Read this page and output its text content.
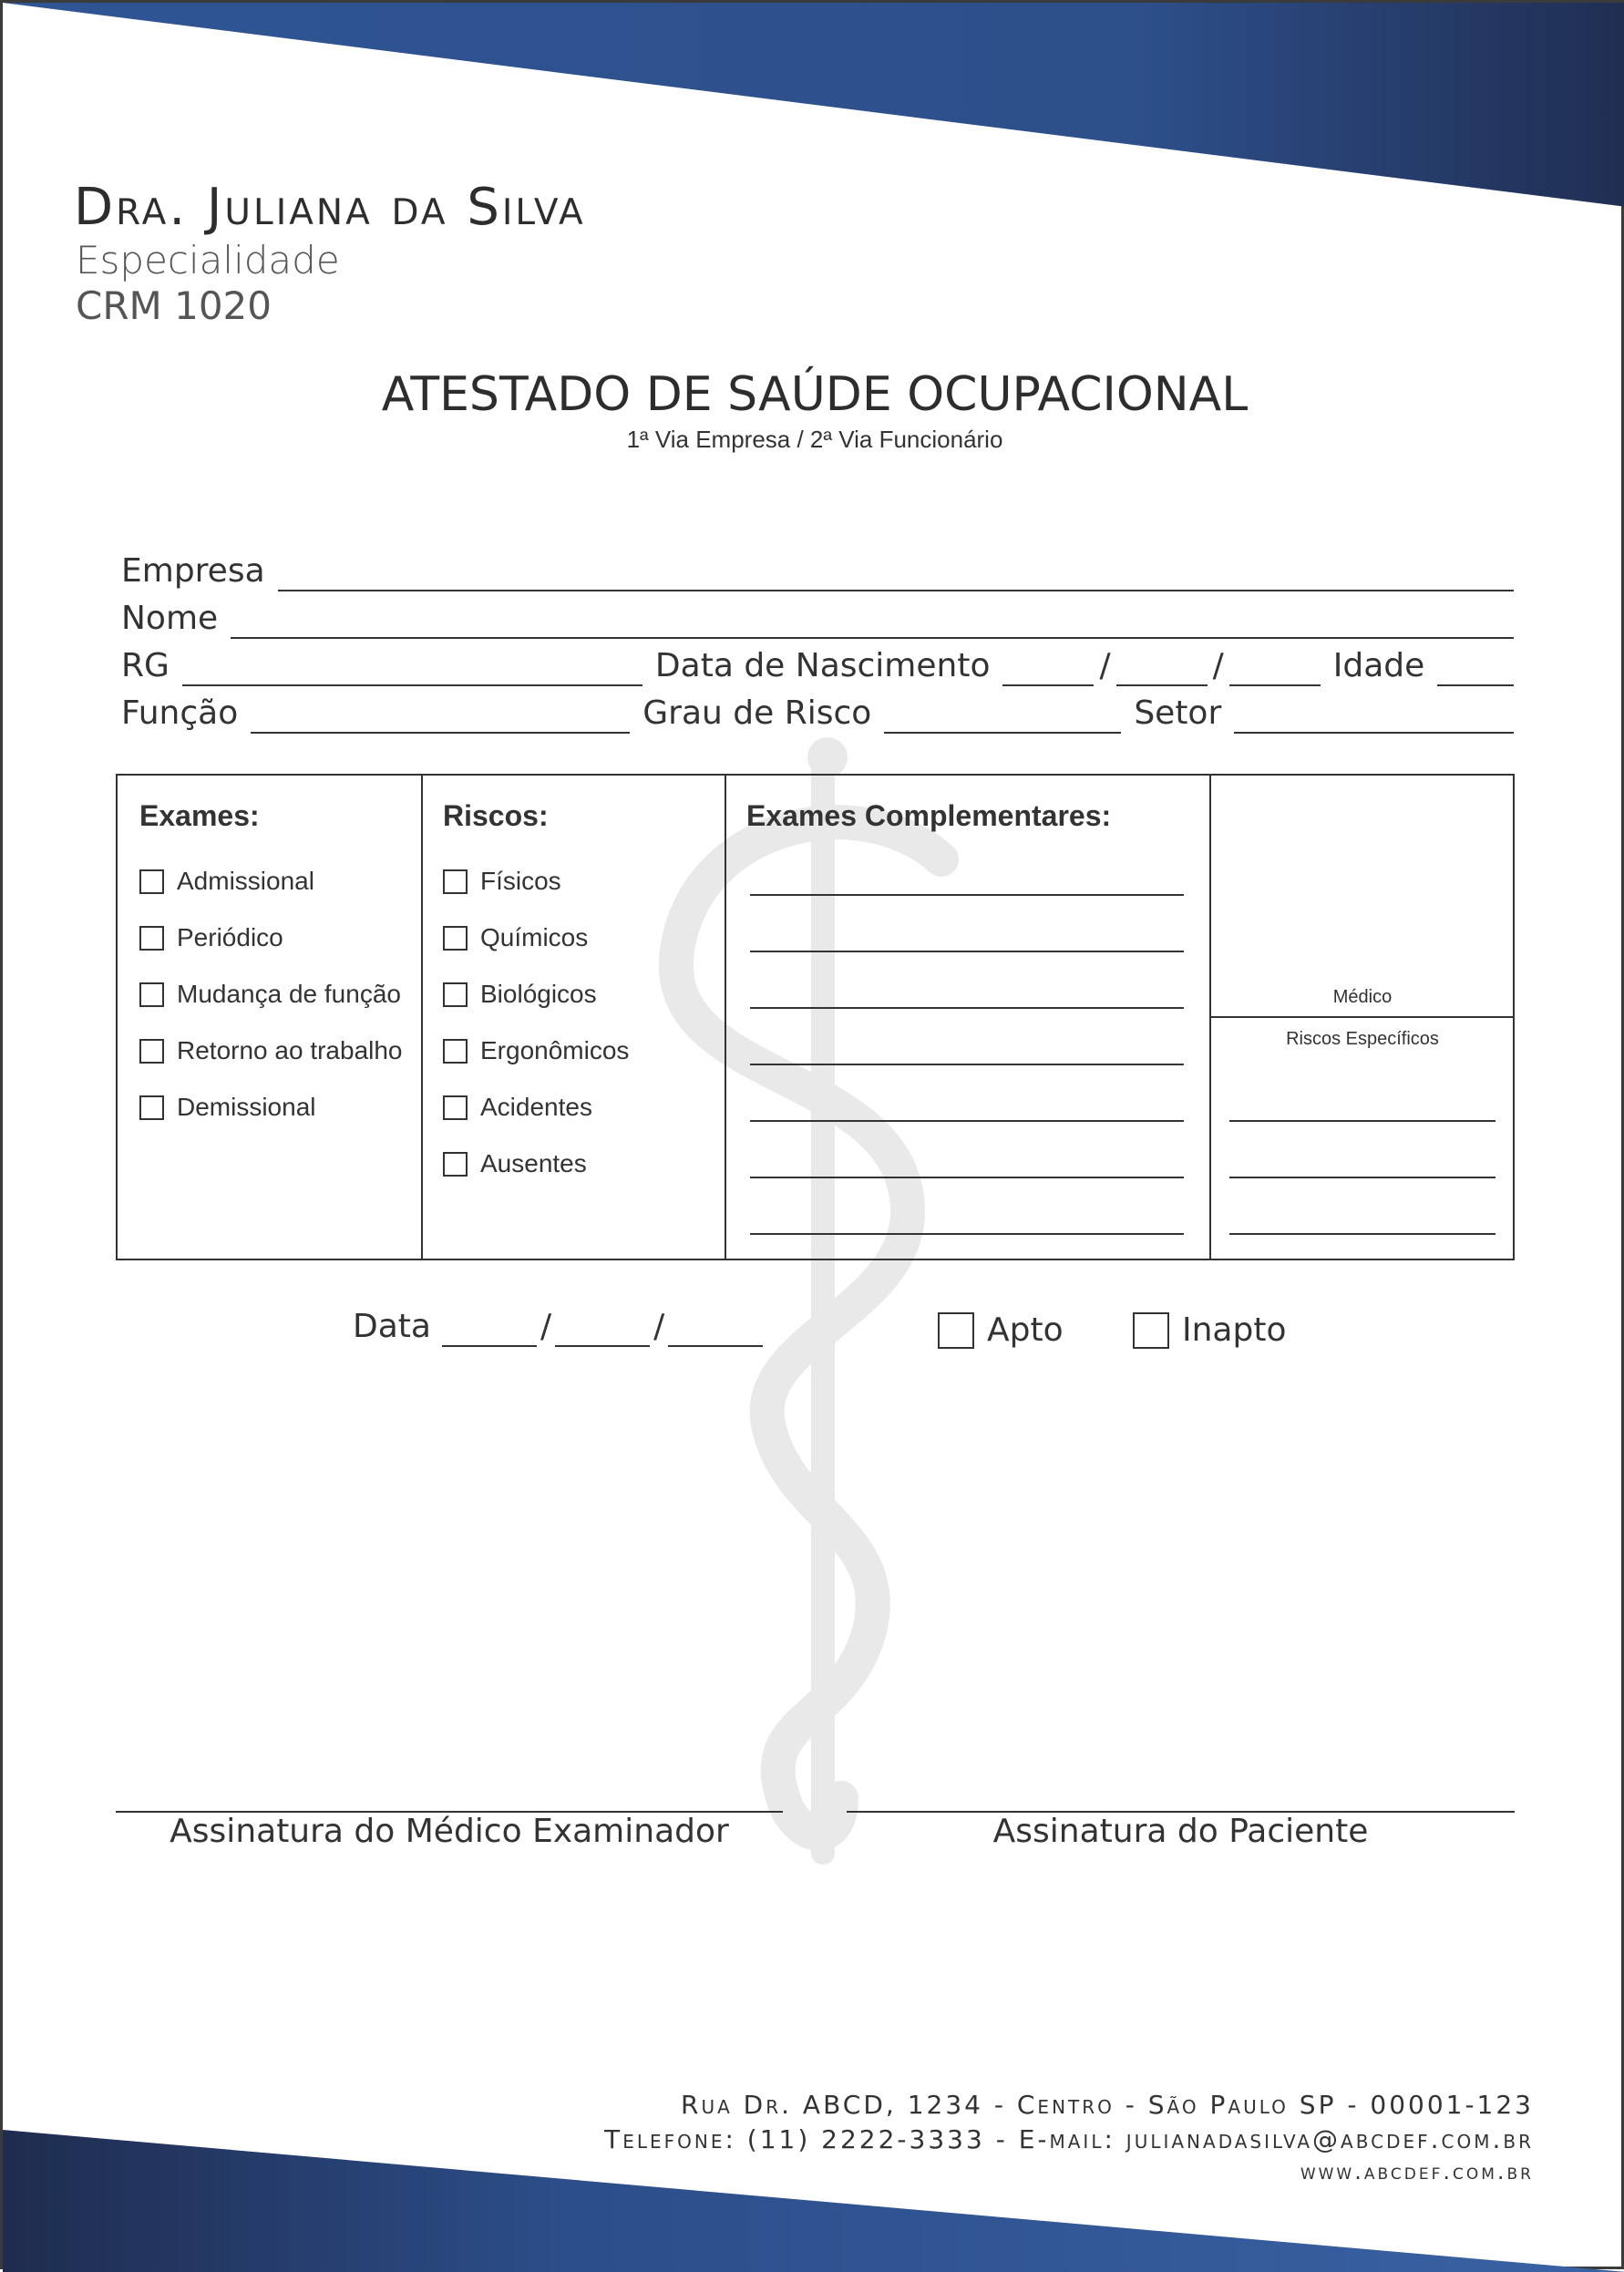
Dra. Juliana da Silva
Especialidade
CRM 1020
ATESTADO DE SAÚDE OCUPACIONAL
1ª Via Empresa / 2ª Via Funcionário
Empresa
Nome
RG	Data de Nascimento	/	/	Idade
Função	Grau de Risco	Setor
Exames:
Admissional
Periódico
Mudança de função
Retorno ao trabalho
Demissional
Riscos:
Físicos
Químicos
Biológicos
Ergonômicos
Acidentes
Ausentes
Exames Complementares:
Médico
Riscos Específicos
Data	/	/	Apto	Inapto
Assinatura do Médico Examinador	Assinatura do Paciente
Rua Dr. ABCD, 1234 - Centro - São Paulo SP - 00001-123
Telefone: (11) 2222-3333 - E-mail: julianadasilva@abcdef.com.br
www.abcdef.com.br
